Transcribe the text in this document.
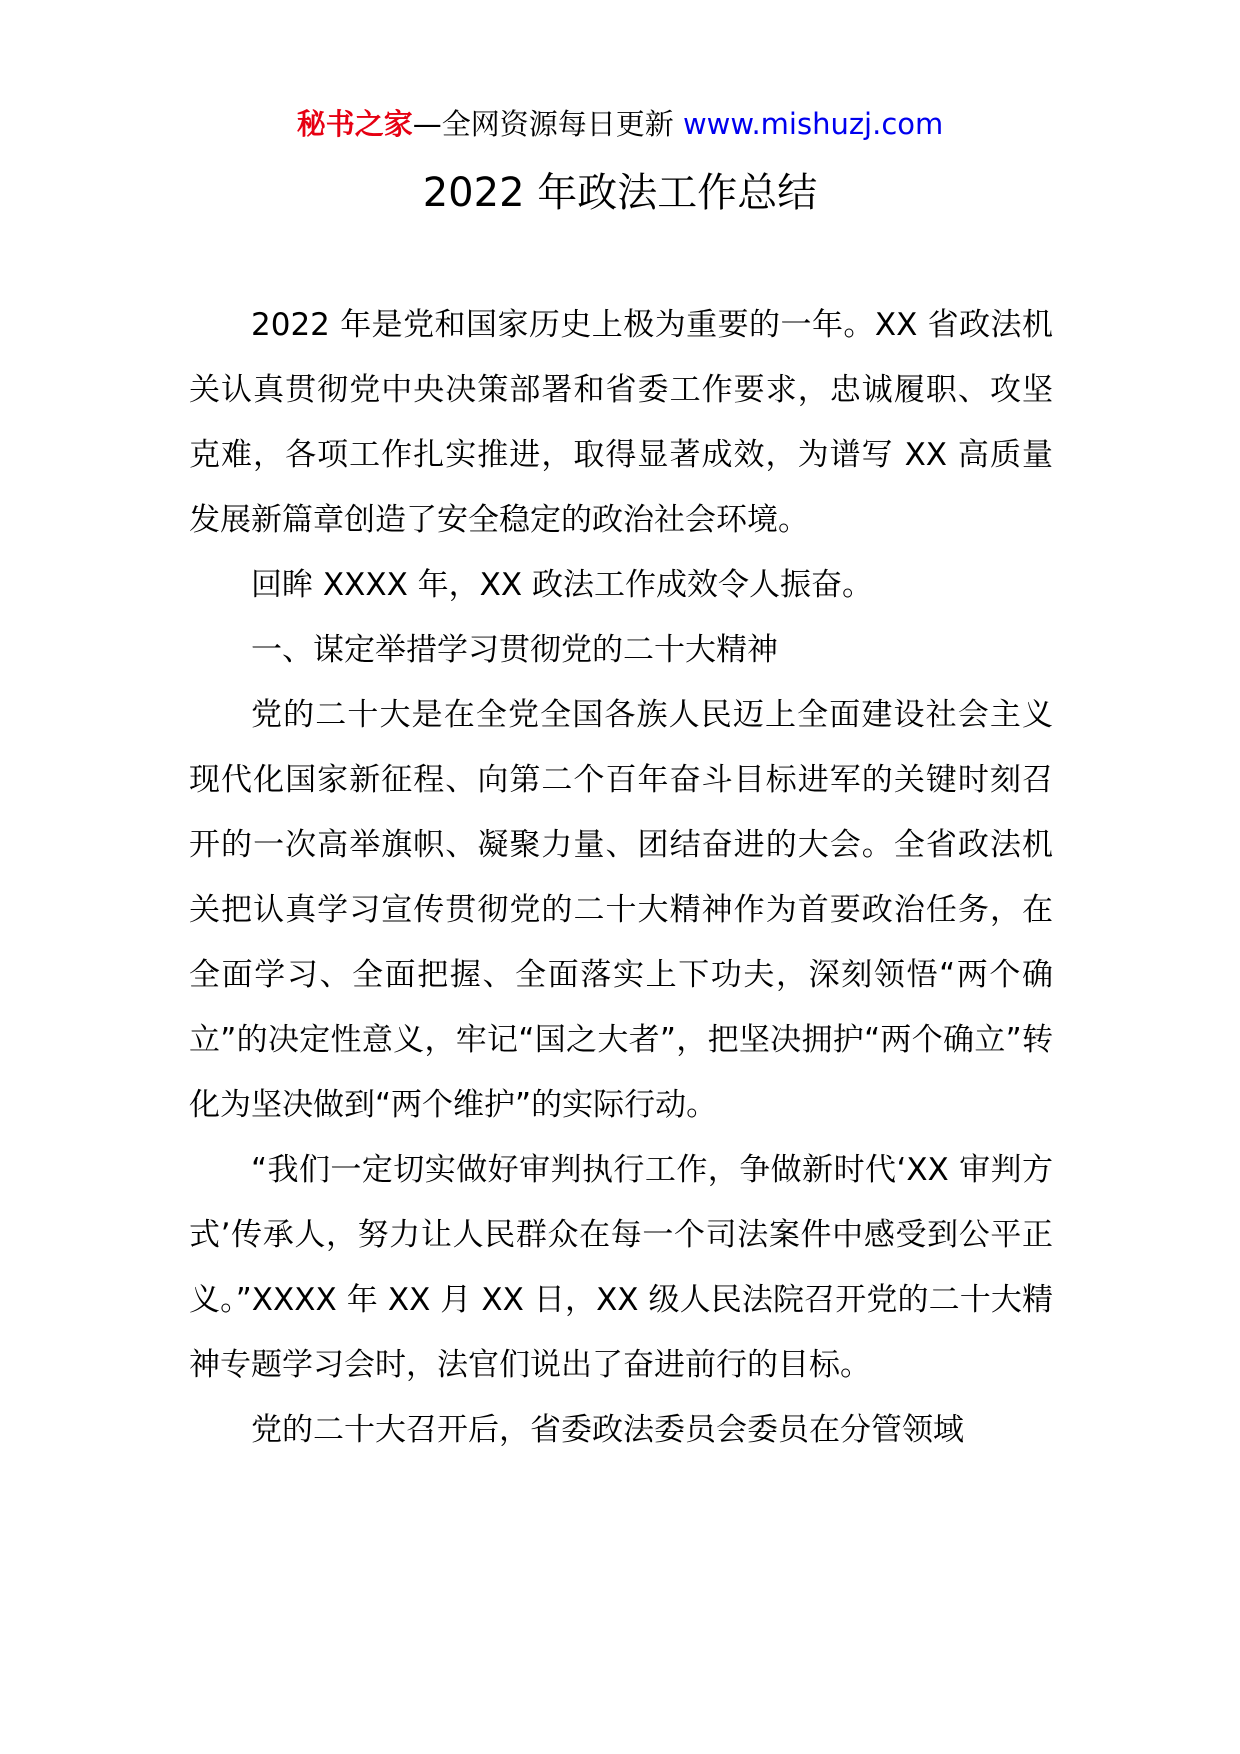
秘书之家—全网资源每日更新 www.mishuzj.com
2022 年政法工作总结

2022 年是党和国家历史上极为重要的一年。XX 省政法机关认真贯彻党中央决策部署和省委工作要求，忠诚履职、攻坚克难，各项工作扎实推进，取得显著成效，为谱写 XX 高质量发展新篇章创造了安全稳定的政治社会环境。

回眸 XXXX 年，XX 政法工作成效令人振奋。

一、谋定举措学习贯彻党的二十大精神

党的二十大是在全党全国各族人民迈上全面建设社会主义现代化国家新征程、向第二个百年奋斗目标进军的关键时刻召开的一次高举旗帜、凝聚力量、团结奋进的大会。全省政法机关把认真学习宣传贯彻党的二十大精神作为首要政治任务，在全面学习、全面把握、全面落实上下功夫，深刻领悟“两个确立”的决定性意义，牢记“国之大者”，把坚决拥护“两个确立”转化为坚决做到“两个维护”的实际行动。

“我们一定切实做好审判执行工作，争做新时代‘XX 审判方式’传承人，努力让人民群众在每一个司法案件中感受到公平正义。”XXXX 年 XX 月 XX 日，XX 级人民法院召开党的二十大精神专题学习会时，法官们说出了奋进前行的目标。

党的二十大召开后，省委政法委员会委员在分管领域
